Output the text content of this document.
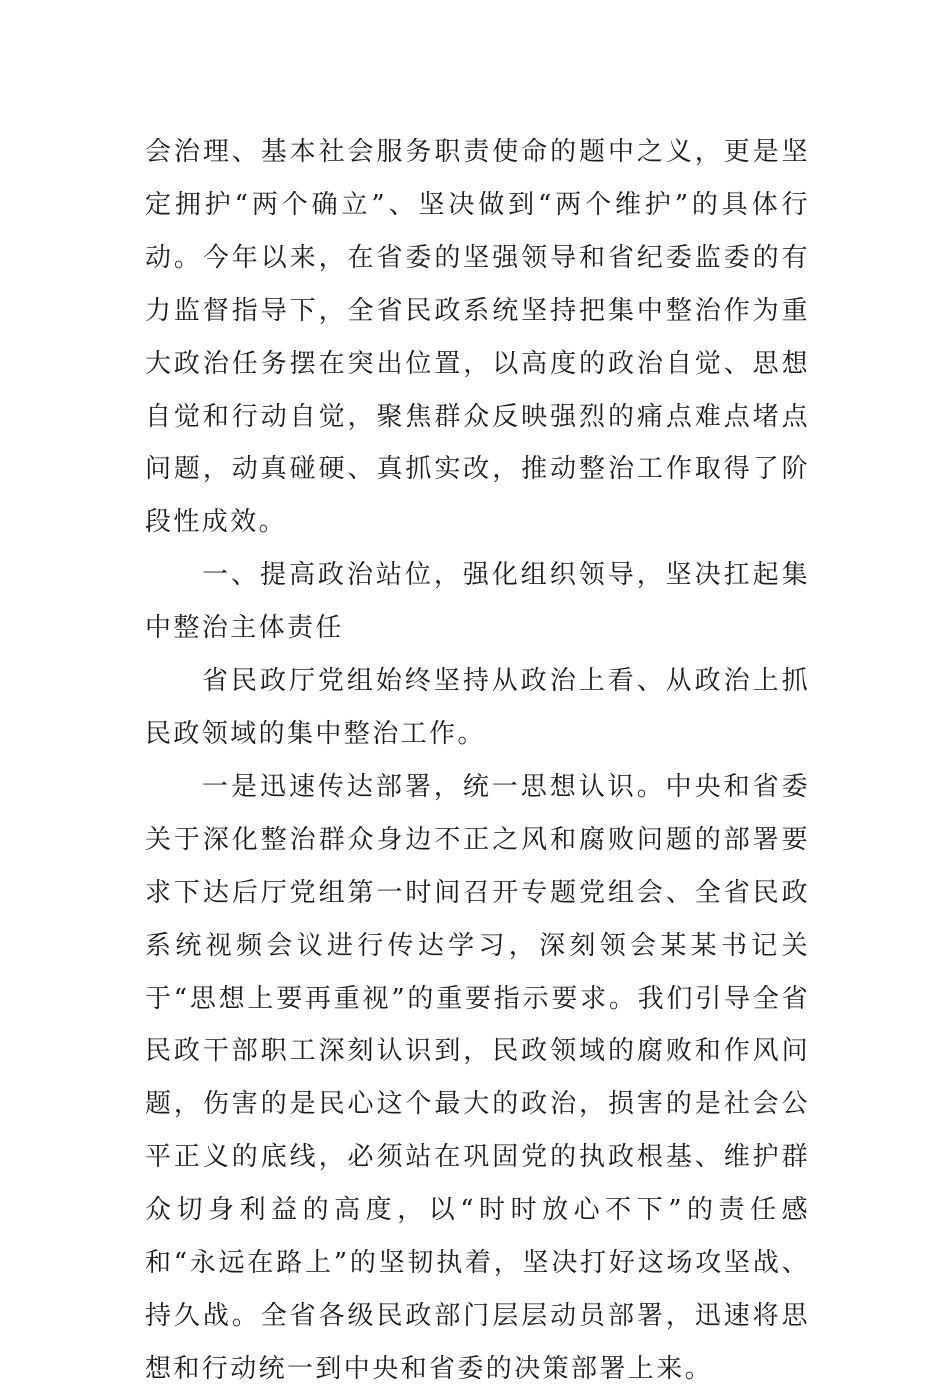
会治理、基本社会服务职责使命的题中之义，更是坚定拥护“两个确立”、坚决做到“两个维护”的具体行动。今年以来，在省委的坚强领导和省纪委监委的有力监督指导下，全省民政系统坚持把集中整治作为重大政治任务摆在突出位置，以高度的政治自觉、思想自觉和行动自觉，聚焦群众反映强烈的痛点难点堵点问题，动真碰硬、真抓实改，推动整治工作取得了阶段性成效。

一、提高政治站位，强化组织领导，坚决扛起集中整治主体责任

省民政厅党组始终坚持从政治上看、从政治上抓民政领域的集中整治工作。

一是迅速传达部署，统一思想认识。中央和省委关于深化整治群众身边不正之风和腐败问题的部署要求下达后厅党组第一时间召开专题党组会、全省民政系统视频会议进行传达学习，深刻领会某某书记关于“思想上要再重视”的重要指示要求。我们引导全省民政干部职工深刻认识到，民政领域的腐败和作风问题，伤害的是民心这个最大的政治，损害的是社会公平正义的底线，必须站在巩固党的执政根基、维护群众切身利益的高度，以“时时放心不下”的责任感和“永远在路上”的坚韧执着，坚决打好这场攻坚战、持久战。全省各级民政部门层层动员部署，迅速将思想和行动统一到中央和省委的决策部署上来。
